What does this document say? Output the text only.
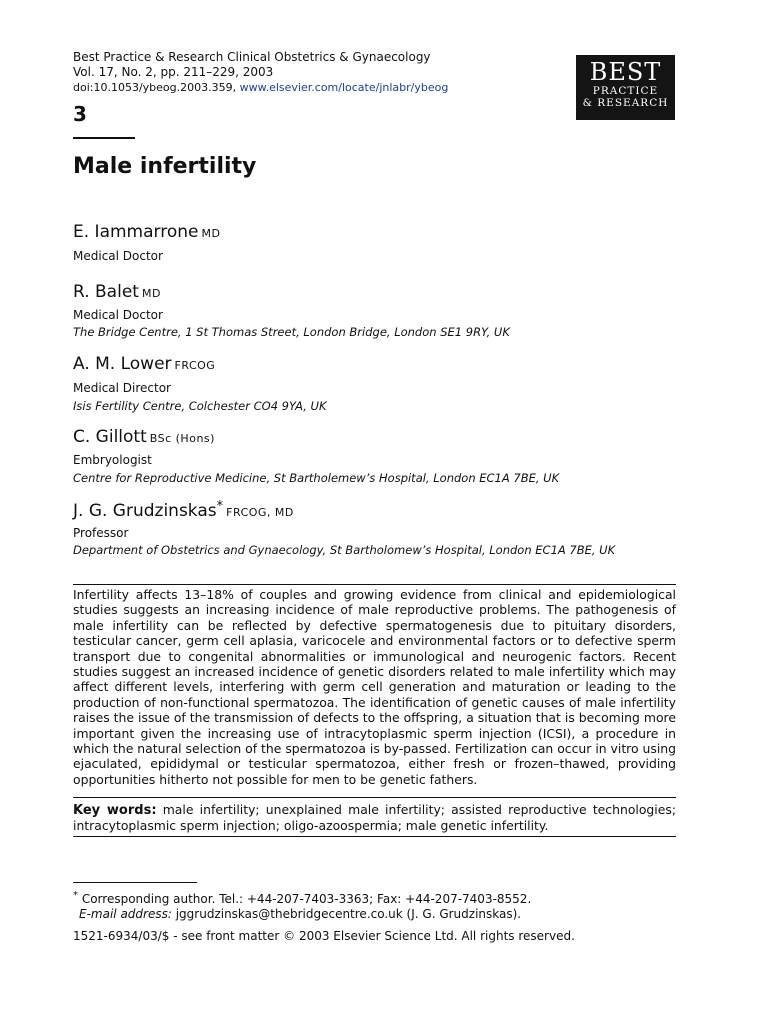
Best Practice & Research Clinical Obstetrics & Gynaecology
Vol. 17, No. 2, pp. 211–229, 2003
doi:10.1053/ybeog.2003.359, www.elsevier.com/locate/jnlabr/ybeog
BEST
PRACTICE
& RESEARCH
3
Male infertility
E. Iammarrone MD
Medical Doctor
R. Balet MD
Medical Doctor
The Bridge Centre, 1 St Thomas Street, London Bridge, London SE1 9RY, UK
A. M. Lower FRCOG
Medical Director
Isis Fertility Centre, Colchester CO4 9YA, UK
C. Gillott BSc (Hons)
Embryologist
Centre for Reproductive Medicine, St Bartholemew’s Hospital, London EC1A 7BE, UK
J. G. Grudzinskas* FRCOG, MD
Professor
Department of Obstetrics and Gynaecology, St Bartholomew’s Hospital, London EC1A 7BE, UK
Infertility affects 13–18% of couples and growing evidence from clinical and epidemiological studies suggests an increasing incidence of male reproductive problems. The pathogenesis of male infertility can be reflected by defective spermatogenesis due to pituitary disorders, testicular cancer, germ cell aplasia, varicocele and environmental factors or to defective sperm transport due to congenital abnormalities or immunological and neurogenic factors. Recent studies suggest an increased incidence of genetic disorders related to male infertility which may affect different levels, interfering with germ cell generation and maturation or leading to the production of non-functional spermatozoa. The identification of genetic causes of male infertility raises the issue of the transmission of defects to the offspring, a situation that is becoming more important given the increasing use of intracytoplasmic sperm injection (ICSI), a procedure in which the natural selection of the spermatozoa is by-passed. Fertilization can occur in vitro using ejaculated, epididymal or testicular spermatozoa, either fresh or frozen–thawed, providing opportunities hitherto not possible for men to be genetic fathers.
Key words: male infertility; unexplained male infertility; assisted reproductive technologies; intracytoplasmic sperm injection; oligo-azoospermia; male genetic infertility.
* Corresponding author. Tel.: +44-207-7403-3363; Fax: +44-207-7403-8552.
E-mail address: jggrudzinskas@thebridgecentre.co.uk (J. G. Grudzinskas).
1521-6934/03/$ - see front matter © 2003 Elsevier Science Ltd. All rights reserved.
